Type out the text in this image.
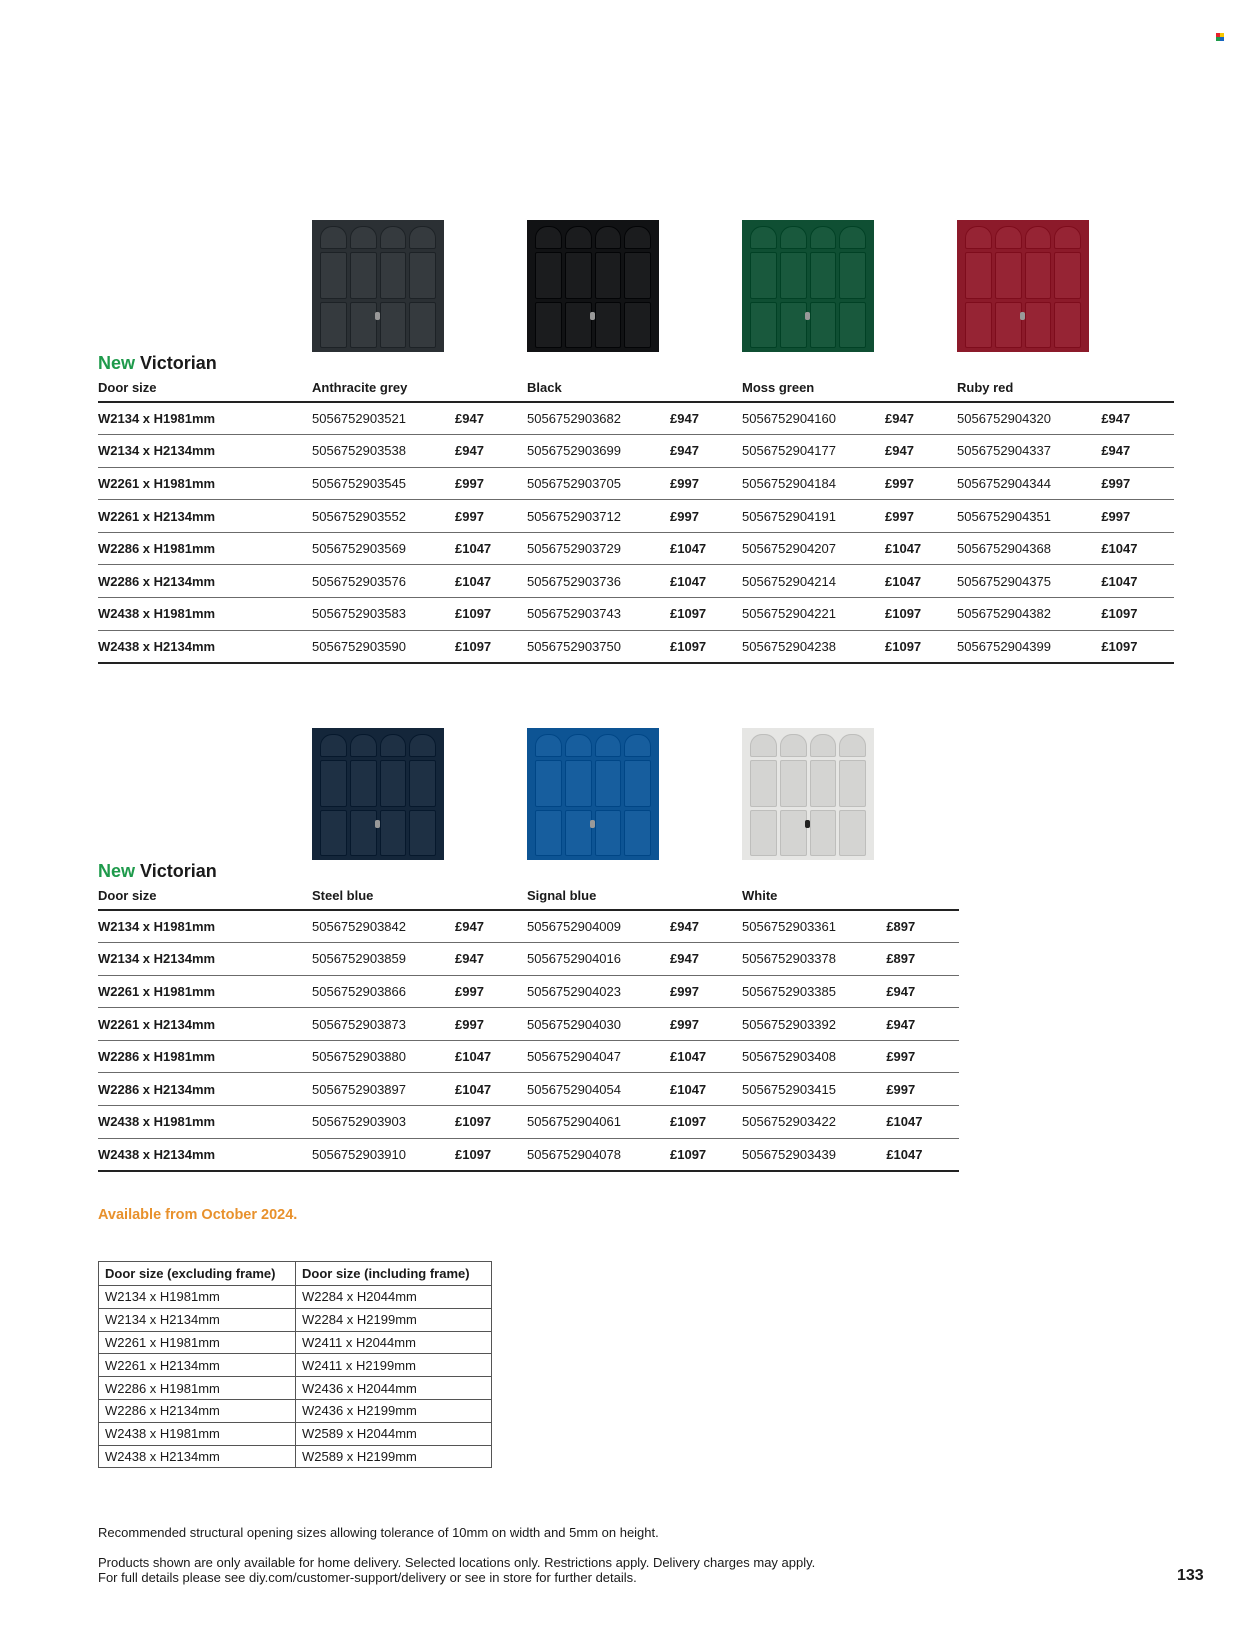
New Victorian
Door size	Anthracite grey		Black		Moss green		Ruby red	
W2134 x H1981mm	5056752903521	£947	5056752903682	£947	5056752904160	£947	5056752904320	£947
W2134 x H2134mm	5056752903538	£947	5056752903699	£947	5056752904177	£947	5056752904337	£947
W2261 x H1981mm	5056752903545	£997	5056752903705	£997	5056752904184	£997	5056752904344	£997
W2261 x H2134mm	5056752903552	£997	5056752903712	£997	5056752904191	£997	5056752904351	£997
W2286 x H1981mm	5056752903569	£1047	5056752903729	£1047	5056752904207	£1047	5056752904368	£1047
W2286 x H2134mm	5056752903576	£1047	5056752903736	£1047	5056752904214	£1047	5056752904375	£1047
W2438 x H1981mm	5056752903583	£1097	5056752903743	£1097	5056752904221	£1097	5056752904382	£1097
W2438 x H2134mm	5056752903590	£1097	5056752903750	£1097	5056752904238	£1097	5056752904399	£1097
New Victorian
Door size	Steel blue		Signal blue		White	
W2134 x H1981mm	5056752903842	£947	5056752904009	£947	5056752903361	£897
W2134 x H2134mm	5056752903859	£947	5056752904016	£947	5056752903378	£897
W2261 x H1981mm	5056752903866	£997	5056752904023	£997	5056752903385	£947
W2261 x H2134mm	5056752903873	£997	5056752904030	£997	5056752903392	£947
W2286 x H1981mm	5056752903880	£1047	5056752904047	£1047	5056752903408	£997
W2286 x H2134mm	5056752903897	£1047	5056752904054	£1047	5056752903415	£997
W2438 x H1981mm	5056752903903	£1097	5056752904061	£1097	5056752903422	£1047
W2438 x H2134mm	5056752903910	£1097	5056752904078	£1097	5056752903439	£1047
Available from October 2024.
Door size (excluding frame)	Door size (including frame)
W2134 x H1981mm	W2284 x H2044mm
W2134 x H2134mm	W2284 x H2199mm
W2261 x H1981mm	W2411 x H2044mm
W2261 x H2134mm	W2411 x H2199mm
W2286 x H1981mm	W2436 x H2044mm
W2286 x H2134mm	W2436 x H2199mm
W2438 x H1981mm	W2589 x H2044mm
W2438 x H2134mm	W2589 x H2199mm
Recommended structural opening sizes allowing tolerance of 10mm on width and 5mm on height.
Products shown are only available for home delivery. Selected locations only. Restrictions apply. Delivery charges may apply.
For full details please see diy.com/customer-support/delivery or see in store for further details.	133
